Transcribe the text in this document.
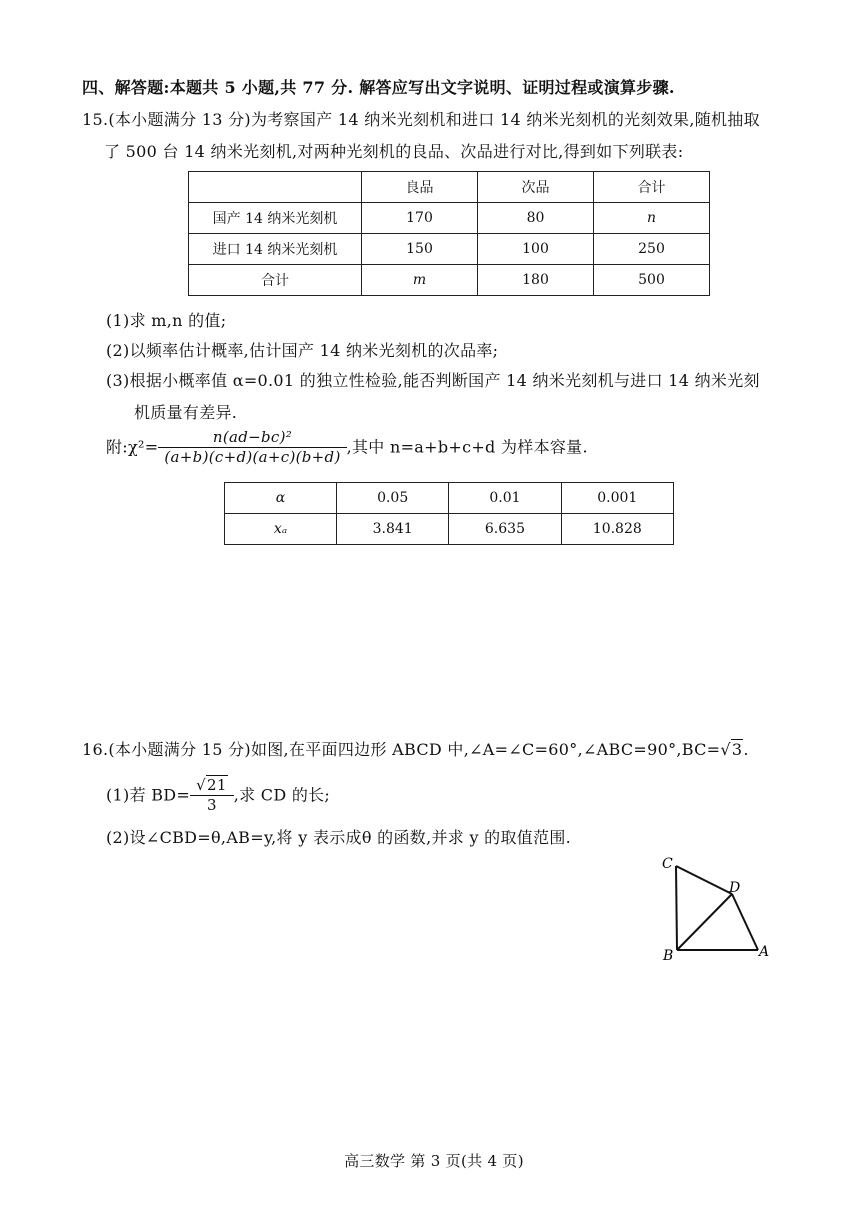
四、解答题:本题共 5 小题,共 77 分. 解答应写出文字说明、证明过程或演算步骤.
15.(本小题满分 13 分)为考察国产 14 纳米光刻机和进口 14 纳米光刻机的光刻效果,随机抽取
了 500 台 14 纳米光刻机,对两种光刻机的良品、次品进行对比,得到如下列联表:
	良品	次品	合计
国产 14 纳米光刻机	170	80	n
进口 14 纳米光刻机	150	100	250
合计	m	180	500
(1)求 m,n 的值;
(2)以频率估计概率,估计国产 14 纳米光刻机的次品率;
(3)根据小概率值 α=0.01 的独立性检验,能否判断国产 14 纳米光刻机与进口 14 纳米光刻
机质量有差异.
附:χ²= $\frac{\text{n(ad−bc)²}}{(a+b)(c+d)(a+c)(b+d)}$ ,其中 n=a+b+c+d 为样本容量.
α	0.05	0.01	0.001
xₐ	3.841	6.635	10.828
16.(本小题满分 15 分)如图,在平面四边形 ABCD 中,∠A=∠C=60°,∠ABC=90°,BC=√3.
(1)若 $BD= \frac{√21}{3}$ ,求 CD 的长;
(2)设∠CBD=θ,AB=y,将 y 表示成θ 的函数,并求 y 的取值范围.
C
D
B	A
高三数学 第 3 页(共 4 页)
